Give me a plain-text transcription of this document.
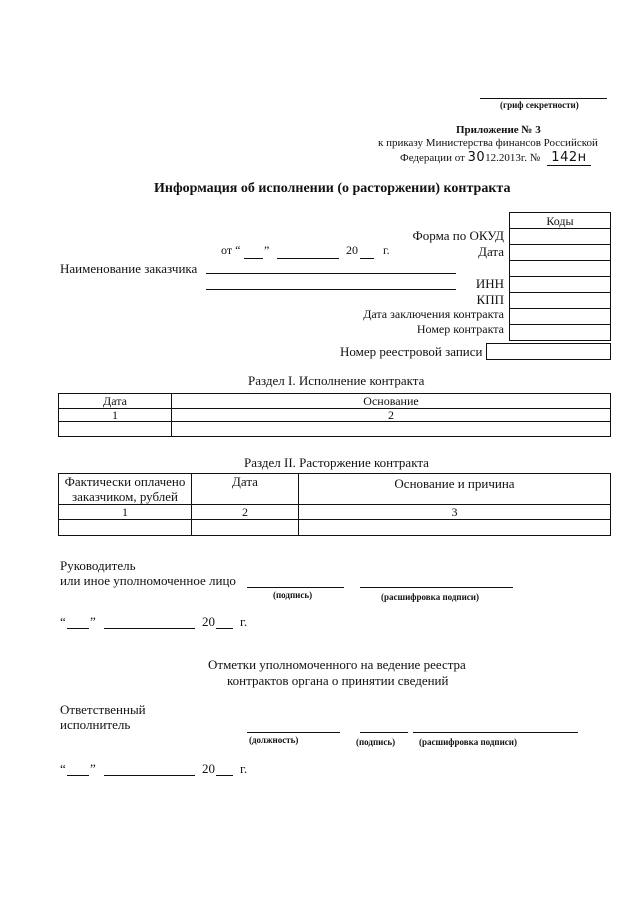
(гриф секретности)
Приложение № 3
к приказу Министерства финансов Российской
Федерации от 3012.2013г. № 142н
Информация об исполнении (о расторжении) контракта
Коды

Форма по ОКУД
Дата
ИНН
КПП
Дата заключения контракта
Номер контракта
от “ ”	20 г.
Наименование заказчика
Номер реестровой записи
Раздел I. Исполнение контракта
Дата	Основание
1	2

Раздел II. Расторжение контракта
Фактически оплачено
заказчиком, рублей	Дата	Основание и причина
1	2	3

Руководитель
или иное уполномоченное лицо
(подпись)	(расшифровка подписи)
“ ”	20 г.
Отметки уполномоченного на ведение реестра
контрактов органа о принятии сведений
Ответственный
исполнитель
(должность)	(подпись)	(расшифровка подписи)
“ ”	20 г.
